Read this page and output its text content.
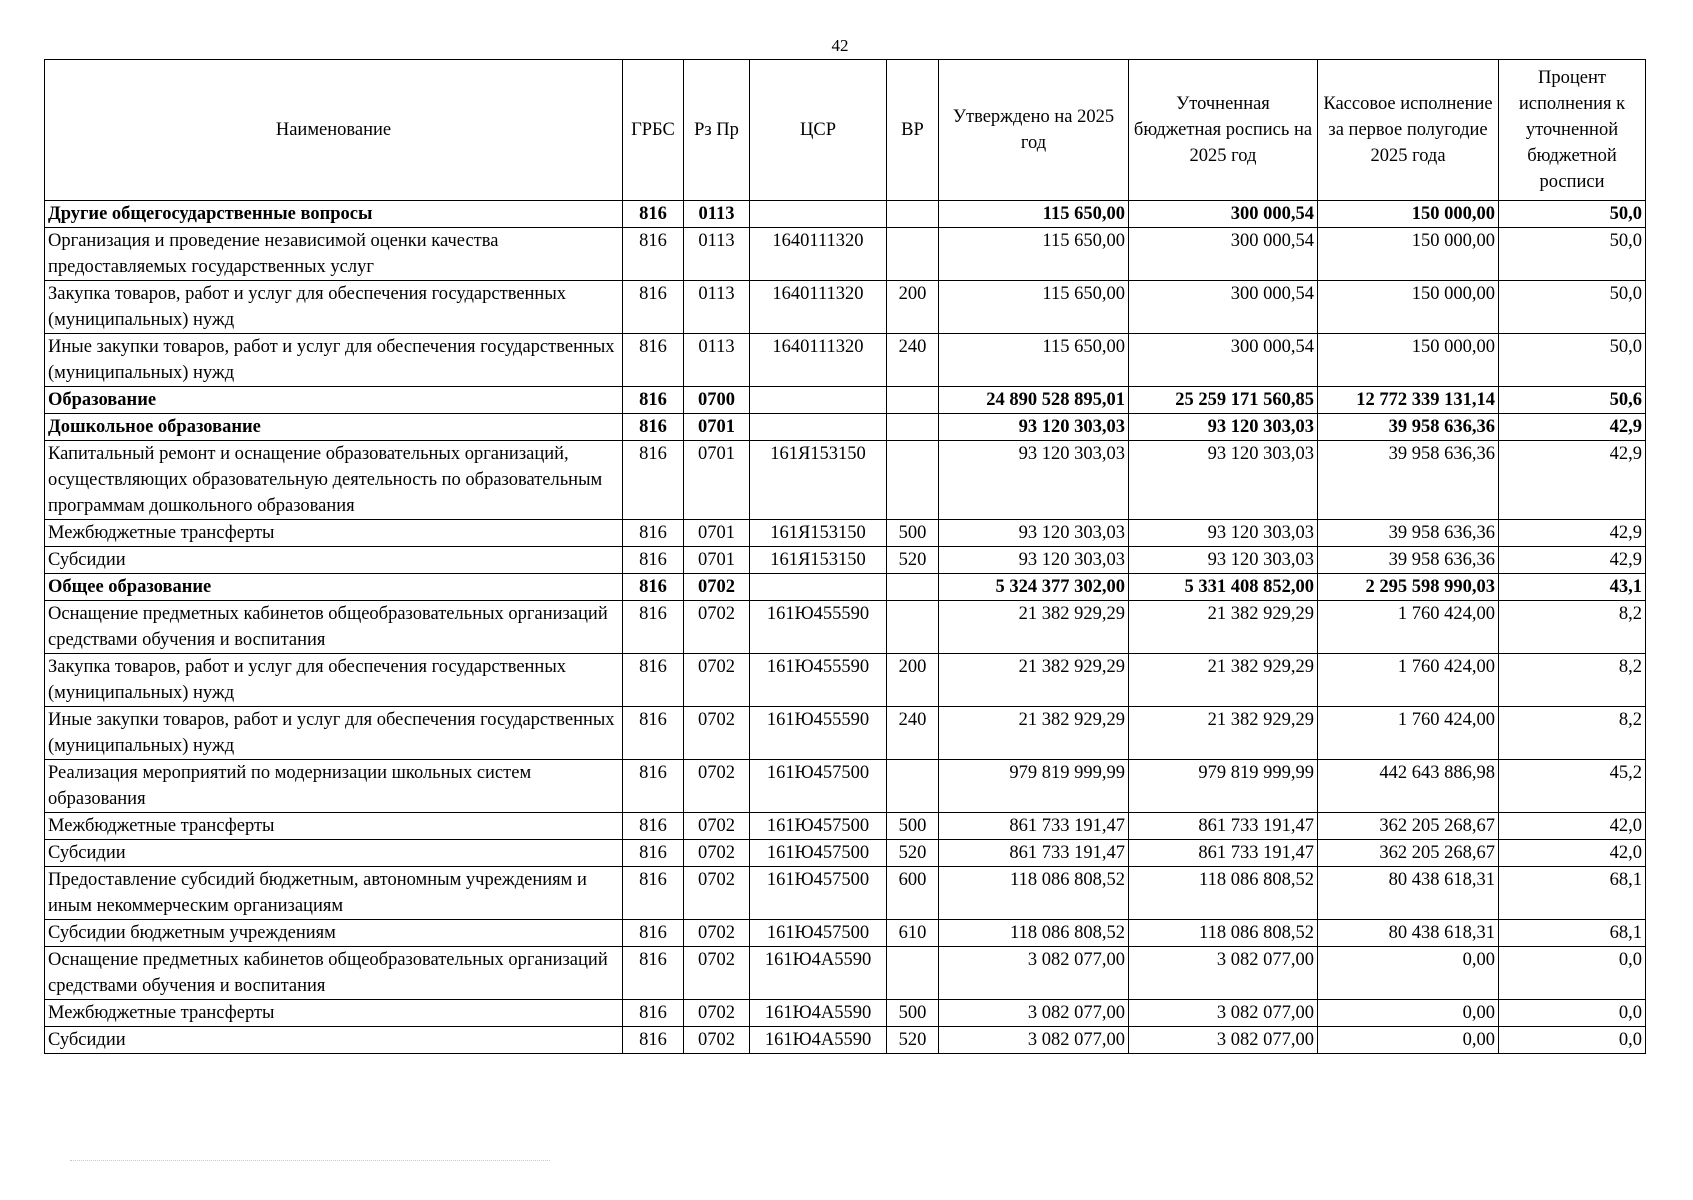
42
Наименование	ГРБС	Рз Пр	ЦСР	ВР	Утверждено на 2025 год	Уточненная бюджетная роспись на 2025 год	Кассовое исполнение за первое полугодие 2025 года	Процент исполнения к уточненной бюджетной росписи
Другие общегосударственные вопросы	816	0113			115 650,00	300 000,54	150 000,00	50,0
Организация и проведение независимой оценки качества предоставляемых государственных услуг	816	0113	1640111320		115 650,00	300 000,54	150 000,00	50,0
Закупка товаров, работ и услуг для обеспечения государственных (муниципальных) нужд	816	0113	1640111320	200	115 650,00	300 000,54	150 000,00	50,0
Иные закупки товаров, работ и услуг для обеспечения государственных (муниципальных) нужд	816	0113	1640111320	240	115 650,00	300 000,54	150 000,00	50,0
Образование	816	0700			24 890 528 895,01	25 259 171 560,85	12 772 339 131,14	50,6
Дошкольное образование	816	0701			93 120 303,03	93 120 303,03	39 958 636,36	42,9
Капитальный ремонт и оснащение образовательных организаций, осуществляющих образовательную деятельность по образовательным программам дошкольного образования	816	0701	161Я153150		93 120 303,03	93 120 303,03	39 958 636,36	42,9
Межбюджетные трансферты	816	0701	161Я153150	500	93 120 303,03	93 120 303,03	39 958 636,36	42,9
Субсидии	816	0701	161Я153150	520	93 120 303,03	93 120 303,03	39 958 636,36	42,9
Общее образование	816	0702			5 324 377 302,00	5 331 408 852,00	2 295 598 990,03	43,1
Оснащение предметных кабинетов общеобразовательных организаций средствами обучения и воспитания	816	0702	161Ю455590		21 382 929,29	21 382 929,29	1 760 424,00	8,2
Закупка товаров, работ и услуг для обеспечения государственных (муниципальных) нужд	816	0702	161Ю455590	200	21 382 929,29	21 382 929,29	1 760 424,00	8,2
Иные закупки товаров, работ и услуг для обеспечения государственных (муниципальных) нужд	816	0702	161Ю455590	240	21 382 929,29	21 382 929,29	1 760 424,00	8,2
Реализация мероприятий по модернизации школьных систем образования	816	0702	161Ю457500		979 819 999,99	979 819 999,99	442 643 886,98	45,2
Межбюджетные трансферты	816	0702	161Ю457500	500	861 733 191,47	861 733 191,47	362 205 268,67	42,0
Субсидии	816	0702	161Ю457500	520	861 733 191,47	861 733 191,47	362 205 268,67	42,0
Предоставление субсидий бюджетным, автономным учреждениям и иным некоммерческим организациям	816	0702	161Ю457500	600	118 086 808,52	118 086 808,52	80 438 618,31	68,1
Субсидии бюджетным учреждениям	816	0702	161Ю457500	610	118 086 808,52	118 086 808,52	80 438 618,31	68,1
Оснащение предметных кабинетов общеобразовательных организаций средствами обучения и воспитания	816	0702	161Ю4А5590		3 082 077,00	3 082 077,00	0,00	0,0
Межбюджетные трансферты	816	0702	161Ю4А5590	500	3 082 077,00	3 082 077,00	0,00	0,0
Субсидии	816	0702	161Ю4А5590	520	3 082 077,00	3 082 077,00	0,00	0,0
